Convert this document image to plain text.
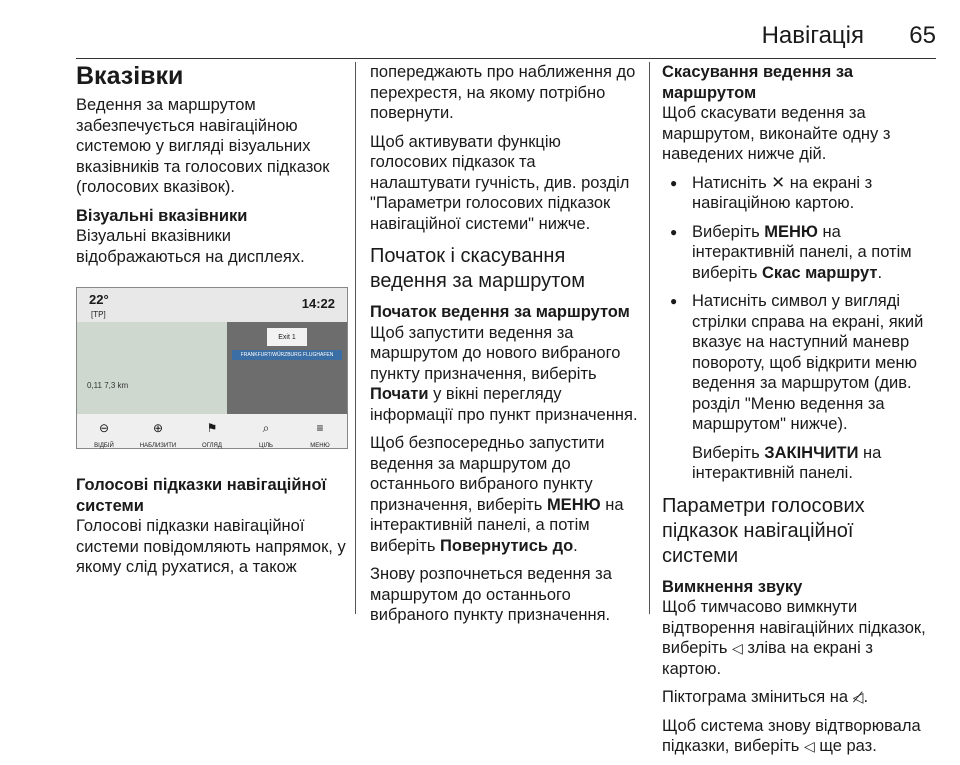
Навігація 65
Вказівки

Ведення за маршрутом забезпечується навігаційною системою у вигляді візуальних вказівників та голосових підказок (голосових вказівок).

Візуальні вказівники

Візуальні вказівники відображаються на дисплеях.

22°
[TP]
14:22
0,11 7,3 km
Exit 1
FRANKFURT/WÜRZBURG FLUGHAFEN
⊖
ВІДБІЙ
⊕
НАБЛИЗИТИ
⚑
ОГЛЯД
⌕
ЦІЛЬ
≡
МЕНЮ
Голосові підказки навігаційної системи

Голосові підказки навігаційної системи повідомляють напрямок, у якому слід рухатися, а також

попереджають про наближення до перехрестя, на якому потрібно повернути.

Щоб активувати функцію голосових підказок та налаштувати гучність, див. розділ "Параметри голосових підказок навігаційної системи" нижче.

Початок і скасування ведення за маршрутом
Початок ведення за маршрутом

Щоб запустити ведення за маршрутом до нового вибраного пункту призначення, виберіть Почати у вікні перегляду інформації про пункт призначення.

Щоб безпосередньо запустити ведення за маршрутом до останнього вибраного пункту призначення, виберіть МЕНЮ на інтерактивній панелі, а потім виберіть Повернутись до.

Знову розпочнеться ведення за маршрутом до останнього вибраного пункту призначення.

Скасування ведення за маршрутом

Щоб скасувати ведення за маршрутом, виконайте одну з наведених нижче дій.

● Натисніть ✕ на екрані з навігаційною картою.
● Виберіть МЕНЮ на інтерактивній панелі, а потім виберіть Скас маршрут.
● Натисніть символ у вигляді стрілки справа на екрані, який вказує на наступний маневр повороту, щоб відкрити меню ведення за маршрутом (див. розділ "Меню ведення за маршрутом" нижче).

Виберіть ЗАКІНЧИТИ на інтерактивній панелі.

Параметри голосових підказок навігаційної системи
Вимкнення звуку

Щоб тимчасово вимкнути відтворення навігаційних підказок, виберіть ◁ зліва на екрані з картою.

Піктограма зміниться на ◁̸.

Щоб система знову відтворювала підказки, виберіть ◁ ще раз.
